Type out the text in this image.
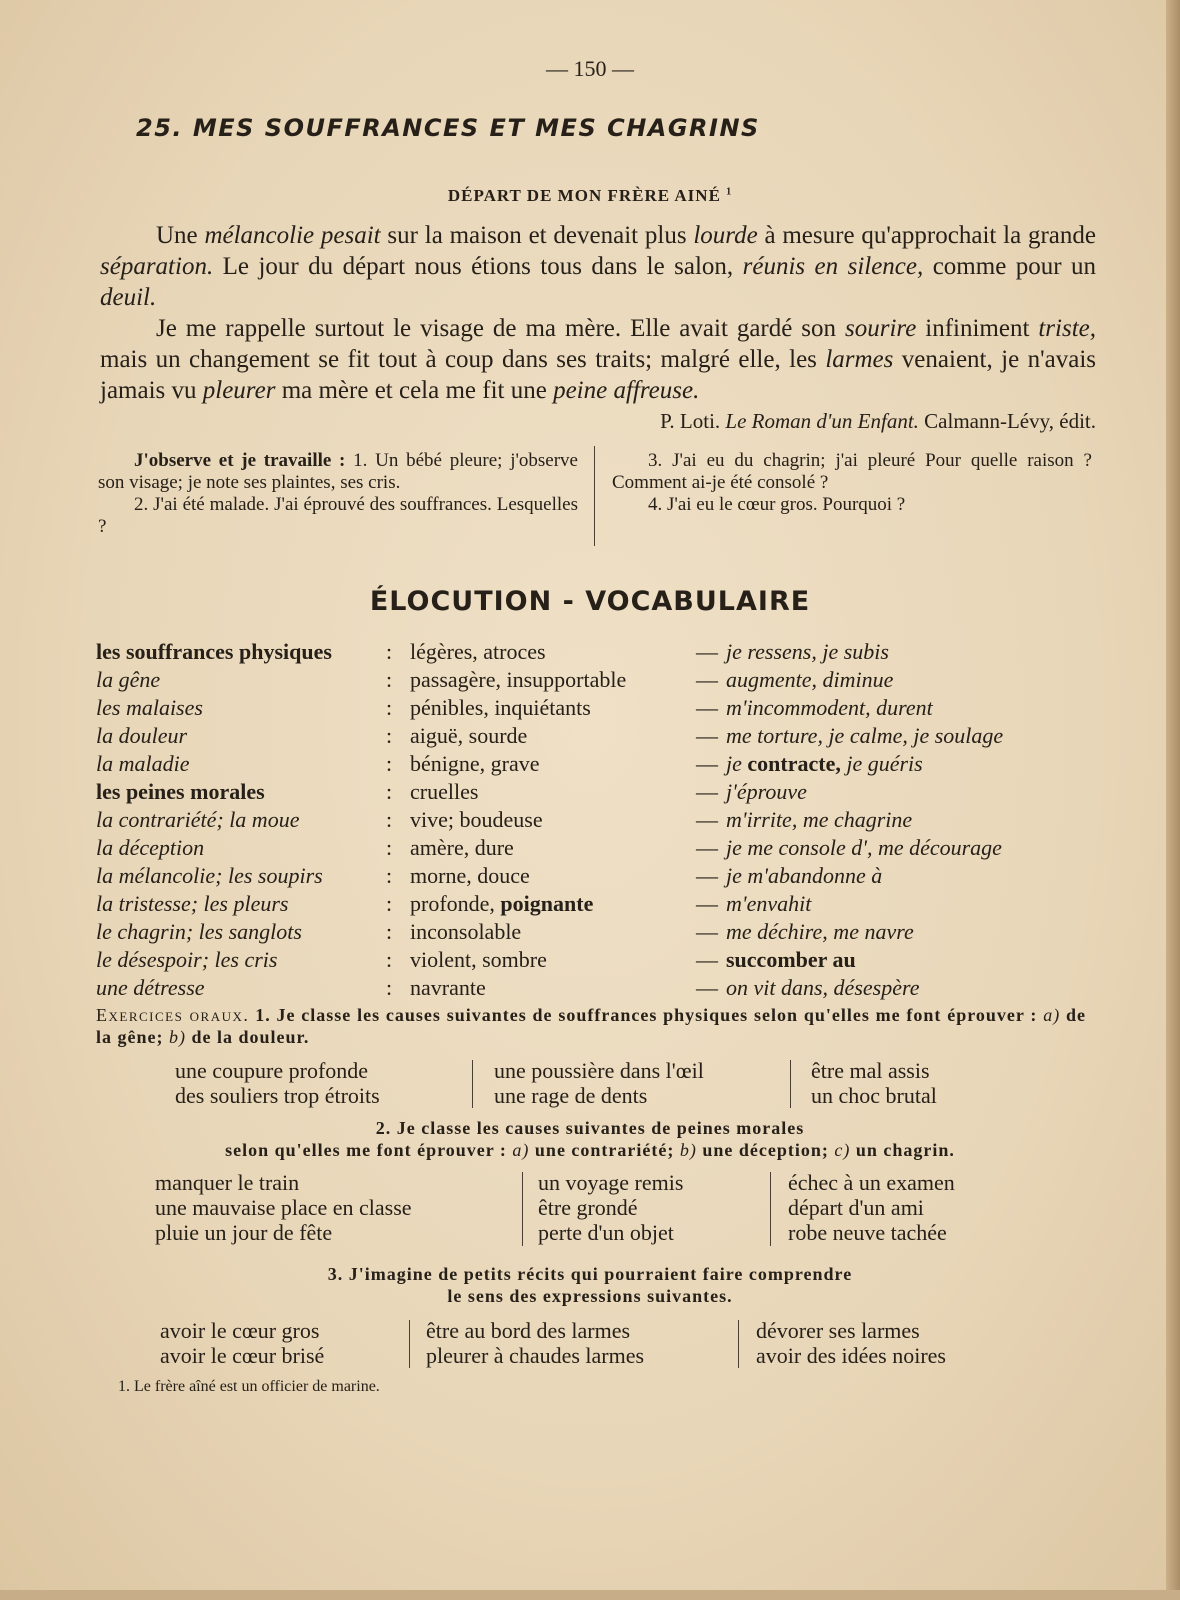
— 150 —
25. MES SOUFFRANCES ET MES CHAGRINS
DÉPART DE MON FRÈRE AINÉ $^1$

Une mélancolie pesait sur la maison et devenait plus lourde à mesure qu'approchait la grande séparation. Le jour du départ nous étions tous dans le salon, réunis en silence, comme pour un deuil.

Je me rappelle surtout le visage de ma mère. Elle avait gardé son sourire infiniment triste, mais un changement se fit tout à coup dans ses traits; malgré elle, les larmes venaient, je n'avais jamais vu pleurer ma mère et cela me fit une peine affreuse.
P. Loti. Le Roman d'un Enfant. Calmann-Lévy, édit.

J'observe et je travaille : 1. Un bébé pleure; j'observe son visage; je note ses plaintes, ses cris.

2. J'ai été malade. J'ai éprouvé des souffrances. Lesquelles ?

3. J'ai eu du chagrin; j'ai pleuré Pour quelle raison ? Comment ai-je été consolé ?

4. J'ai eu le cœur gros. Pourquoi ?

ÉLOCUTION - VOCABULAIRE
les souffrances physiques : légères, atroces	— je ressens, je subis
la gêne	: passagère, insupportable	— augmente, diminue
les malaises	: pénibles, inquiétants	— m'incommodent, durent
la douleur	: aiguë, sourde	— me torture, je calme, je soulage
la maladie	: bénigne, grave	— je contracte, je guéris
les peines morales	: cruelles	— j'éprouve
la contrariété; la moue	: vive; boudeuse	— m'irrite, me chagrine
la déception	: amère, dure	— je me console d', me décourage
la mélancolie; les soupirs	: morne, douce	— je m'abandonne à
la tristesse; les pleurs	: profonde, poignante	— m'envahit
le chagrin; les sanglots	: inconsolable	— me déchire, me navre
le désespoir; les cris	: violent, sombre	— succomber au
une détresse	: navrante	— on vit dans, désespère
Exercices oraux. 1. Je classe les causes suivantes de souffrances physiques selon qu'elles me font éprouver : a) de la gêne; b) de la douleur.
une coupure profonde
des souliers trop étroits
une poussière dans l'œil
une rage de dents
être mal assis
un choc brutal
2. Je classe les causes suivantes de peines morales
selon qu'elles me font éprouver : a) une contrariété; b) une déception; c) un chagrin.
manquer le train
une mauvaise place en classe
pluie un jour de fête
un voyage remis
être grondé
perte d'un objet
échec à un examen
départ d'un ami
robe neuve tachée
3. J'imagine de petits récits qui pourraient faire comprendre
le sens des expressions suivantes.
avoir le cœur gros
avoir le cœur brisé
être au bord des larmes
pleurer à chaudes larmes
dévorer ses larmes
avoir des idées noires
1. Le frère aîné est un officier de marine.
